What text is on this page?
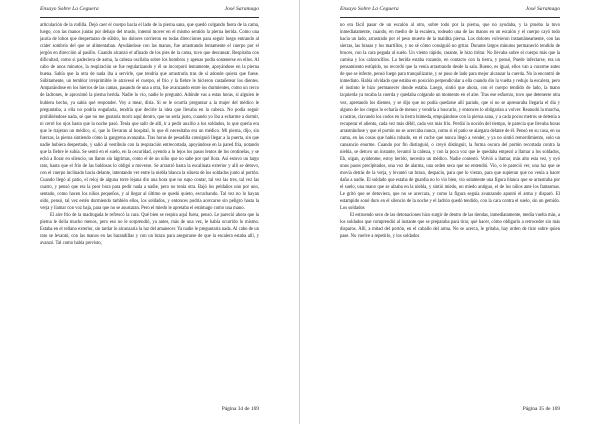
Ensayo Sobre La Ceguera	José Saramago

articulación de la rodilla. Dejó caer el cuerpo hacia el lado de la pierna sana, que quedó colgando fuera de la cama, luego, con las manos juntas por debajo del muslo, intentó mover en el mismo sentido la pierna herida. Como una jauría de lobos que despertaran de súbito, los dolores corrieron en todas direcciones para seguir luego entrando al cráter sombrío del que se alimentaban. Ayudándose con las manos, fue arrastrando lentamente el cuerpo por el jergón en dirección al pasillo. Cuando alcanzó el afinado de los pies de la cama, tuvo que descansar. Respiraba con dificultad, como si padeciera de asma, la cabeza oscilaba sobre los hombros y apenas podía sostenerse en ellos. Al cabo de unos minutos, la respiración se fue regularizando y él se incorporó lentamente, apoyándose en la pierna buena. Sabía que la otra de nada iba a servirle, que tendría que arrastrarla tras de sí adonde quiera que fuese. Súbitamente, un temblor irreprimible le atravesó el cuerpo, el frío y la fiebre le hicieron castañetear los dientes. Amparándose en los hierros de las camas, pasando de una a otra, fue avanzando entre los durmientes, como un cerco de ladrones, le aproximó la pierna herida. Nadie lo vio, nadie le preguntó. Adónde vas a estas horas, si alguien le hubiera hecho, ya sabía qué responder. Voy a mear, diría. Si se le ocurría preguntar a la mujer del médico le preguntaba, a ella no podría engañarla, tendría que decirle la idea que llevaba en la cabeza. No podía seguir prohibiéndose nada, sé que no me gustaría morir aquí dentro, que no sería justo, cuando yo iba a echarme a dormir, ni cerré los ojos hasta que la noche pasó. Tenía que salir de allí, ir a pedir auxilio a los soldados, lo que quería era que le trajeran un médico, sí, que lo llevaran al hospital, lo que él necesitaba era un médico. Mi pierna, dijo, sin fuerzas, la pierna sintiendo cómo la gangrena avanzaba. Tras horas de pesadilla consiguió llegar a la puerta, sin que nadie hubiera despertado, y salió al vestíbulo con la respiración entrecortada, apoyándose en la pared fría, notando que la fiebre le subía. Se sentó en el suelo, en la oscuridad, oyendo a lo lejos los pasos lentos de los centinelas, y se echó a llorar en silencio, un llanto sin lágrimas, como el de un niño que no sabe por qué llora. Así estuvo un largo rato, hasta que el frío de las baldosas lo obligó a moverse. Se arrastró hasta la escalinata exterior y allí se detuvo, con el cuerpo inclinado hacia delante, intentando ver entre la niebla blanca la silueta de los soldados junto al portón. Cuando llegó al patio, el reloj de alguna torre lejana dio una hora que no supo contar, tal vez las tres, tal vez las cuatro, y pensó que era la peor hora para pedir nada a nadie, pero no tenía otra. Bajó los peldaños uno por uno, sentado, como hacen los niños pequeños, y al llegar al último se quedó quieto, escuchando. Tal vez no lo hayan oído, pensó, tal vez estén durmiendo también ellos, los soldados, y entonces podría acercarse sin peligro hasta la verja y llamar con voz baja, para que no se asustaran. Pero el miedo le apretaba el estómago como una mano.

El aire frío de la madrugada le refrescó la cara. Qué bien se respira aquí fuera, pensó. Le pareció ahora que la pierna le dolía mucho menos, pero eso no le sorprendió, ya antes, más de una vez, le había ocurrido lo mismo. Estaba en el rellano exterior, sin tardar lo alcanzaría la luz del amanecer. Ya nadie le preguntaría nada. Al cabo de un rato se levantó, con las manos en las barandillas y con un brazo para asegurarse de que la escalera estaba allí, y avanzó. Tal como había previsto,

Página 34 de 169
Ensayo Sobre La Ceguera	José Saramago

no era fácil pasar de un escalón al otro, sobre todo por la pierna, que no ayudaba, y la prueba la tuvo inmediatamente, cuando, en medio de la escalera, rodeado una de las manos en un escalón y el cuerpo cayó todo hacia un lado, arrastrado por el peso muerto de la maldita pierna. Los dolores volvieron instantáneamente, con las sierras, las brasas y los martillos, y no sé cómo consiguió no gritar. Durante largos minutos permaneció tendido de bruces, con la cara pegada al suelo. Un viento rápido, rasante, le hizo tiritar. No llevaba sobre el cuerpo más que la camisa y los calzoncillos. La herida estaba rozando, en contacto con la tierra, y pensó, Puede infectarse, era un pensamiento estúpido, no recordó que la venía arrastrando desde la sala. Bueno, es igual, ellos van a curarme antes de que se infecte, pensó luego para tranquilizarse, y se puso de lado para mejor alcanzar la cuerda. No la encontró de inmediato. Había olvidado que estaba en posición perpendicular a ella cuando dio la vuelta y redujo la escalera, pero el instinto le hizo permanecer donde estaba. Luego, sintió que ahora, con el cuerpo tendido de lado, la mano izquierda ya tocaba la cuerda y quedaba colgando un momento en el aire. Tras ese esfuerzo, tuvo que detenerse otra vez, apretando los dientes, y se dijo que no podía quedarse allí parado, que si no se apresuraba llegaría el día y alguno de los ciegos lo echaría de menos y vendría a buscarlo, y entonces lo obligarían a volver. Reanudó la marcha, a rastras, clavando los codos en la tierra húmeda, empujándose con la pierna sana, y a cada pocos metros se detenía a recuperar el aliento, cada vez más débil, cada vez más frío. Perdió la noción del tiempo, le parecía que llevaba horas arrastrándose y que el portón no se acercaba nunca, como si el patio se alargara delante de él. Pensó en su casa, en su cama, en las cosas que había robado, en el coche que nunca llegó a vender, y ya no sintió remordimiento, solo un cansancio enorme. Cuando por fin distinguió, o creyó distinguir, la forma oscura del portón recortada contra la niebla, se detuvo un instante, levantó la cabeza, y con la poca voz que le quedaba empezó a llamar a los soldados, Eh, oigan, ayúdenme, estoy herido, necesito un médico. Nadie contestó. Volvió a llamar, más alto esta vez, y oyó unos pasos precipitados, una voz de alarma, una orden seca que no entendió. Vio, o le pareció ver, una luz que se movía detrás de la verja, y levantó un brazo, despacio, para que lo vieran, para que supieran que no venía a hacer daño a nadie. El soldado que estaba de guardia no lo vio bien, vio solamente una figura blanca que se arrastraba por el suelo, una mano que se alzaba en la niebla, y sintió miedo, un miedo antiguo, el de los niños ante los fantasmas. Le gritó que se detuviera, que no se acercara, y como la figura seguía avanzando apuntó el arma y disparó. El estampido sonó duro en el silencio de la noche y el ladrón quedó tendido, con la cara contra el suelo, sin un gemido. Los soldados

El estruendo seco de las detonaciones hizo surgir de dentro de las tiendas, inmediatamente, media vuelta más, a los soldados que comprendió al instante que se preparaba para tirar, qué hacer, cómo obligarlo a retroceder sin más disparos. Allí, a mitad del portón, en el caballo del arma. No se acerca, le gritaba, hay orden de tirar sobre quien pase. No vuelve a repetirlo, y los soldados

Página 35 de 169
